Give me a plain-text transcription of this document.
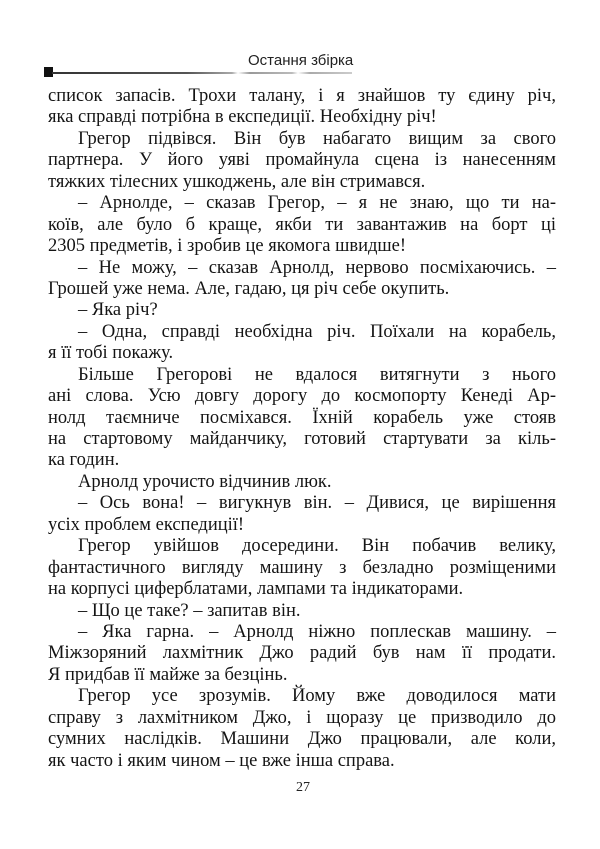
Остання збірка
список запасів. Трохи талану, і я знайшов ту єдину річ,
яка справді потрібна в експедиції. Необхідну річ!
Грегор підвівся. Він був набагато вищим за свого
партнера. У його уяві промайнула сцена із нанесенням
тяжких тілесних ушкоджень, але він стримався.
– Арнолде, – сказав Грегор, – я не знаю, що ти на-
коїв, але було б краще, якби ти завантажив на борт ці
2305 предметів, і зробив це якомога швидше!
– Не можу, – сказав Арнолд, нервово посміхаючись. –
Грошей уже нема. Але, гадаю, ця річ себе окупить.
– Яка річ?
– Одна, справді необхідна річ. Поїхали на корабель,
я її тобі покажу.
Більше Грегорові не вдалося витягнути з нього
ані слова. Усю довгу дорогу до космопорту Кенеді Ар-
нолд таємниче посміхався. Їхній корабель уже стояв
на стартовому майданчику, готовий стартувати за кіль-
ка годин.
Арнолд урочисто відчинив люк.
– Ось вона! – вигукнув він. – Дивися, це вирішення
усіх проблем експедиції!
Грегор увійшов досередини. Він побачив велику,
фантастичного вигляду машину з безладно розміщеними
на корпусі циферблатами, лампами та індикаторами.
– Що це таке? – запитав він.
– Яка гарна. – Арнолд ніжно поплескав машину. –
Міжзоряний лахмітник Джо радий був нам її продати.
Я придбав її майже за безцінь.
Грегор усе зрозумів. Йому вже доводилося мати
справу з лахмітником Джо, і щоразу це призводило до
сумних наслідків. Машини Джо працювали, але коли,
як часто і яким чином – це вже інша справа.
27
